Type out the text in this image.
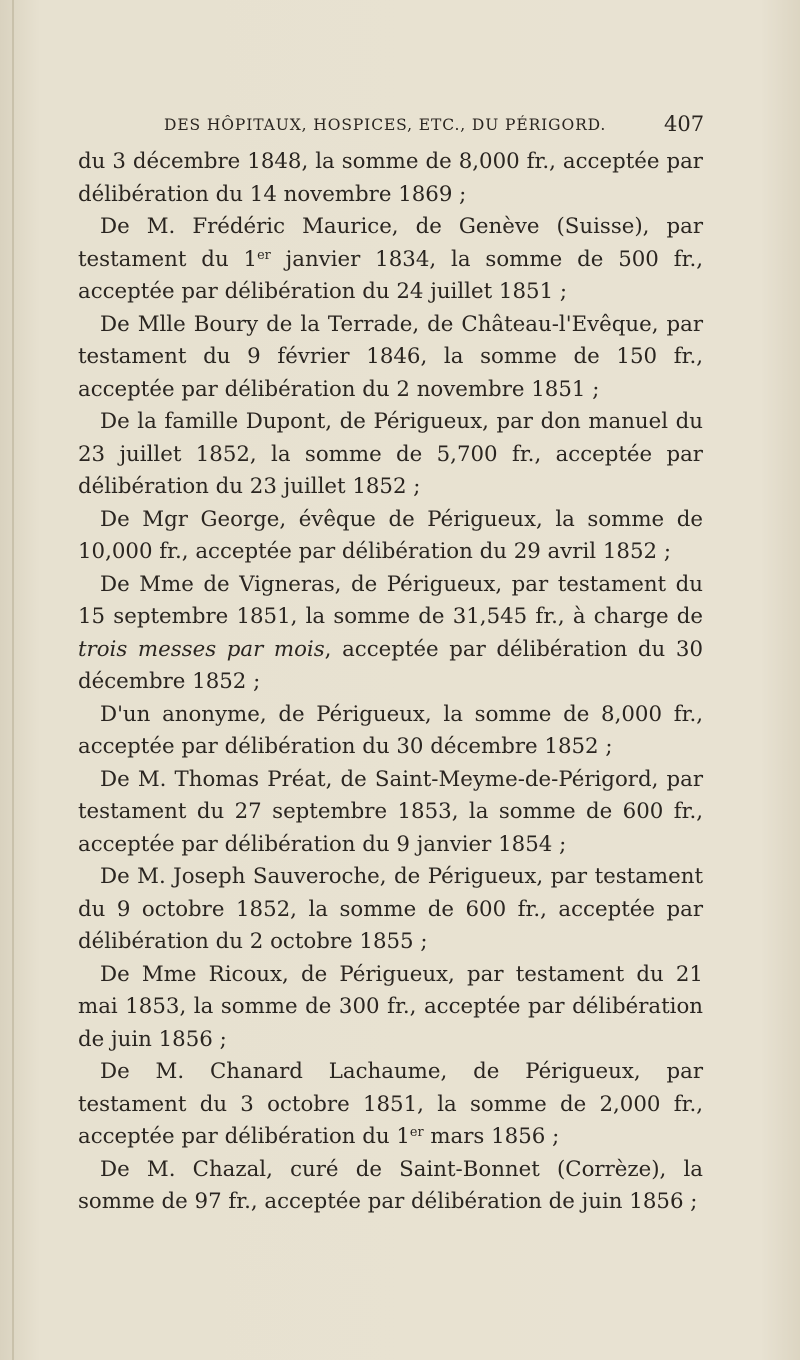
DES HÔPITAUX, HOSPICES, ETC., DU PÉRIGORD.	407

du 3 décembre 1848, la somme de 8,000 fr., acceptée par délibération du 14 novembre 1869 ;

De M. Frédéric Maurice, de Genève (Suisse), par testament du 1er janvier 1834, la somme de 500 fr., acceptée par délibération du 24 juillet 1851 ;

De Mlle Boury de la Terrade, de Château-l'Evêque, par testament du 9 février 1846, la somme de 150 fr., acceptée par délibération du 2 novembre 1851 ;

De la famille Dupont, de Périgueux, par don manuel du 23 juillet 1852, la somme de 5,700 fr., acceptée par délibération du 23 juillet 1852 ;

De Mgr George, évêque de Périgueux, la somme de 10,000 fr., acceptée par délibération du 29 avril 1852 ;

De Mme de Vigneras, de Périgueux, par testament du 15 septembre 1851, la somme de 31,545 fr., à charge de trois messes par mois, acceptée par délibération du 30 décembre 1852 ;

D'un anonyme, de Périgueux, la somme de 8,000 fr., acceptée par délibération du 30 décembre 1852 ;

De M. Thomas Préat, de Saint-Meyme-de-Périgord, par testament du 27 septembre 1853, la somme de 600 fr., acceptée par délibération du 9 janvier 1854 ;

De M. Joseph Sauveroche, de Périgueux, par testament du 9 octobre 1852, la somme de 600 fr., acceptée par délibération du 2 octobre 1855 ;

De Mme Ricoux, de Périgueux, par testament du 21 mai 1853, la somme de 300 fr., acceptée par délibération de juin 1856 ;

De M. Chanard Lachaume, de Périgueux, par testament du 3 octobre 1851, la somme de 2,000 fr., acceptée par délibération du 1er mars 1856 ;

De M. Chazal, curé de Saint-Bonnet (Corrèze), la somme de 97 fr., acceptée par délibération de juin 1856 ;
